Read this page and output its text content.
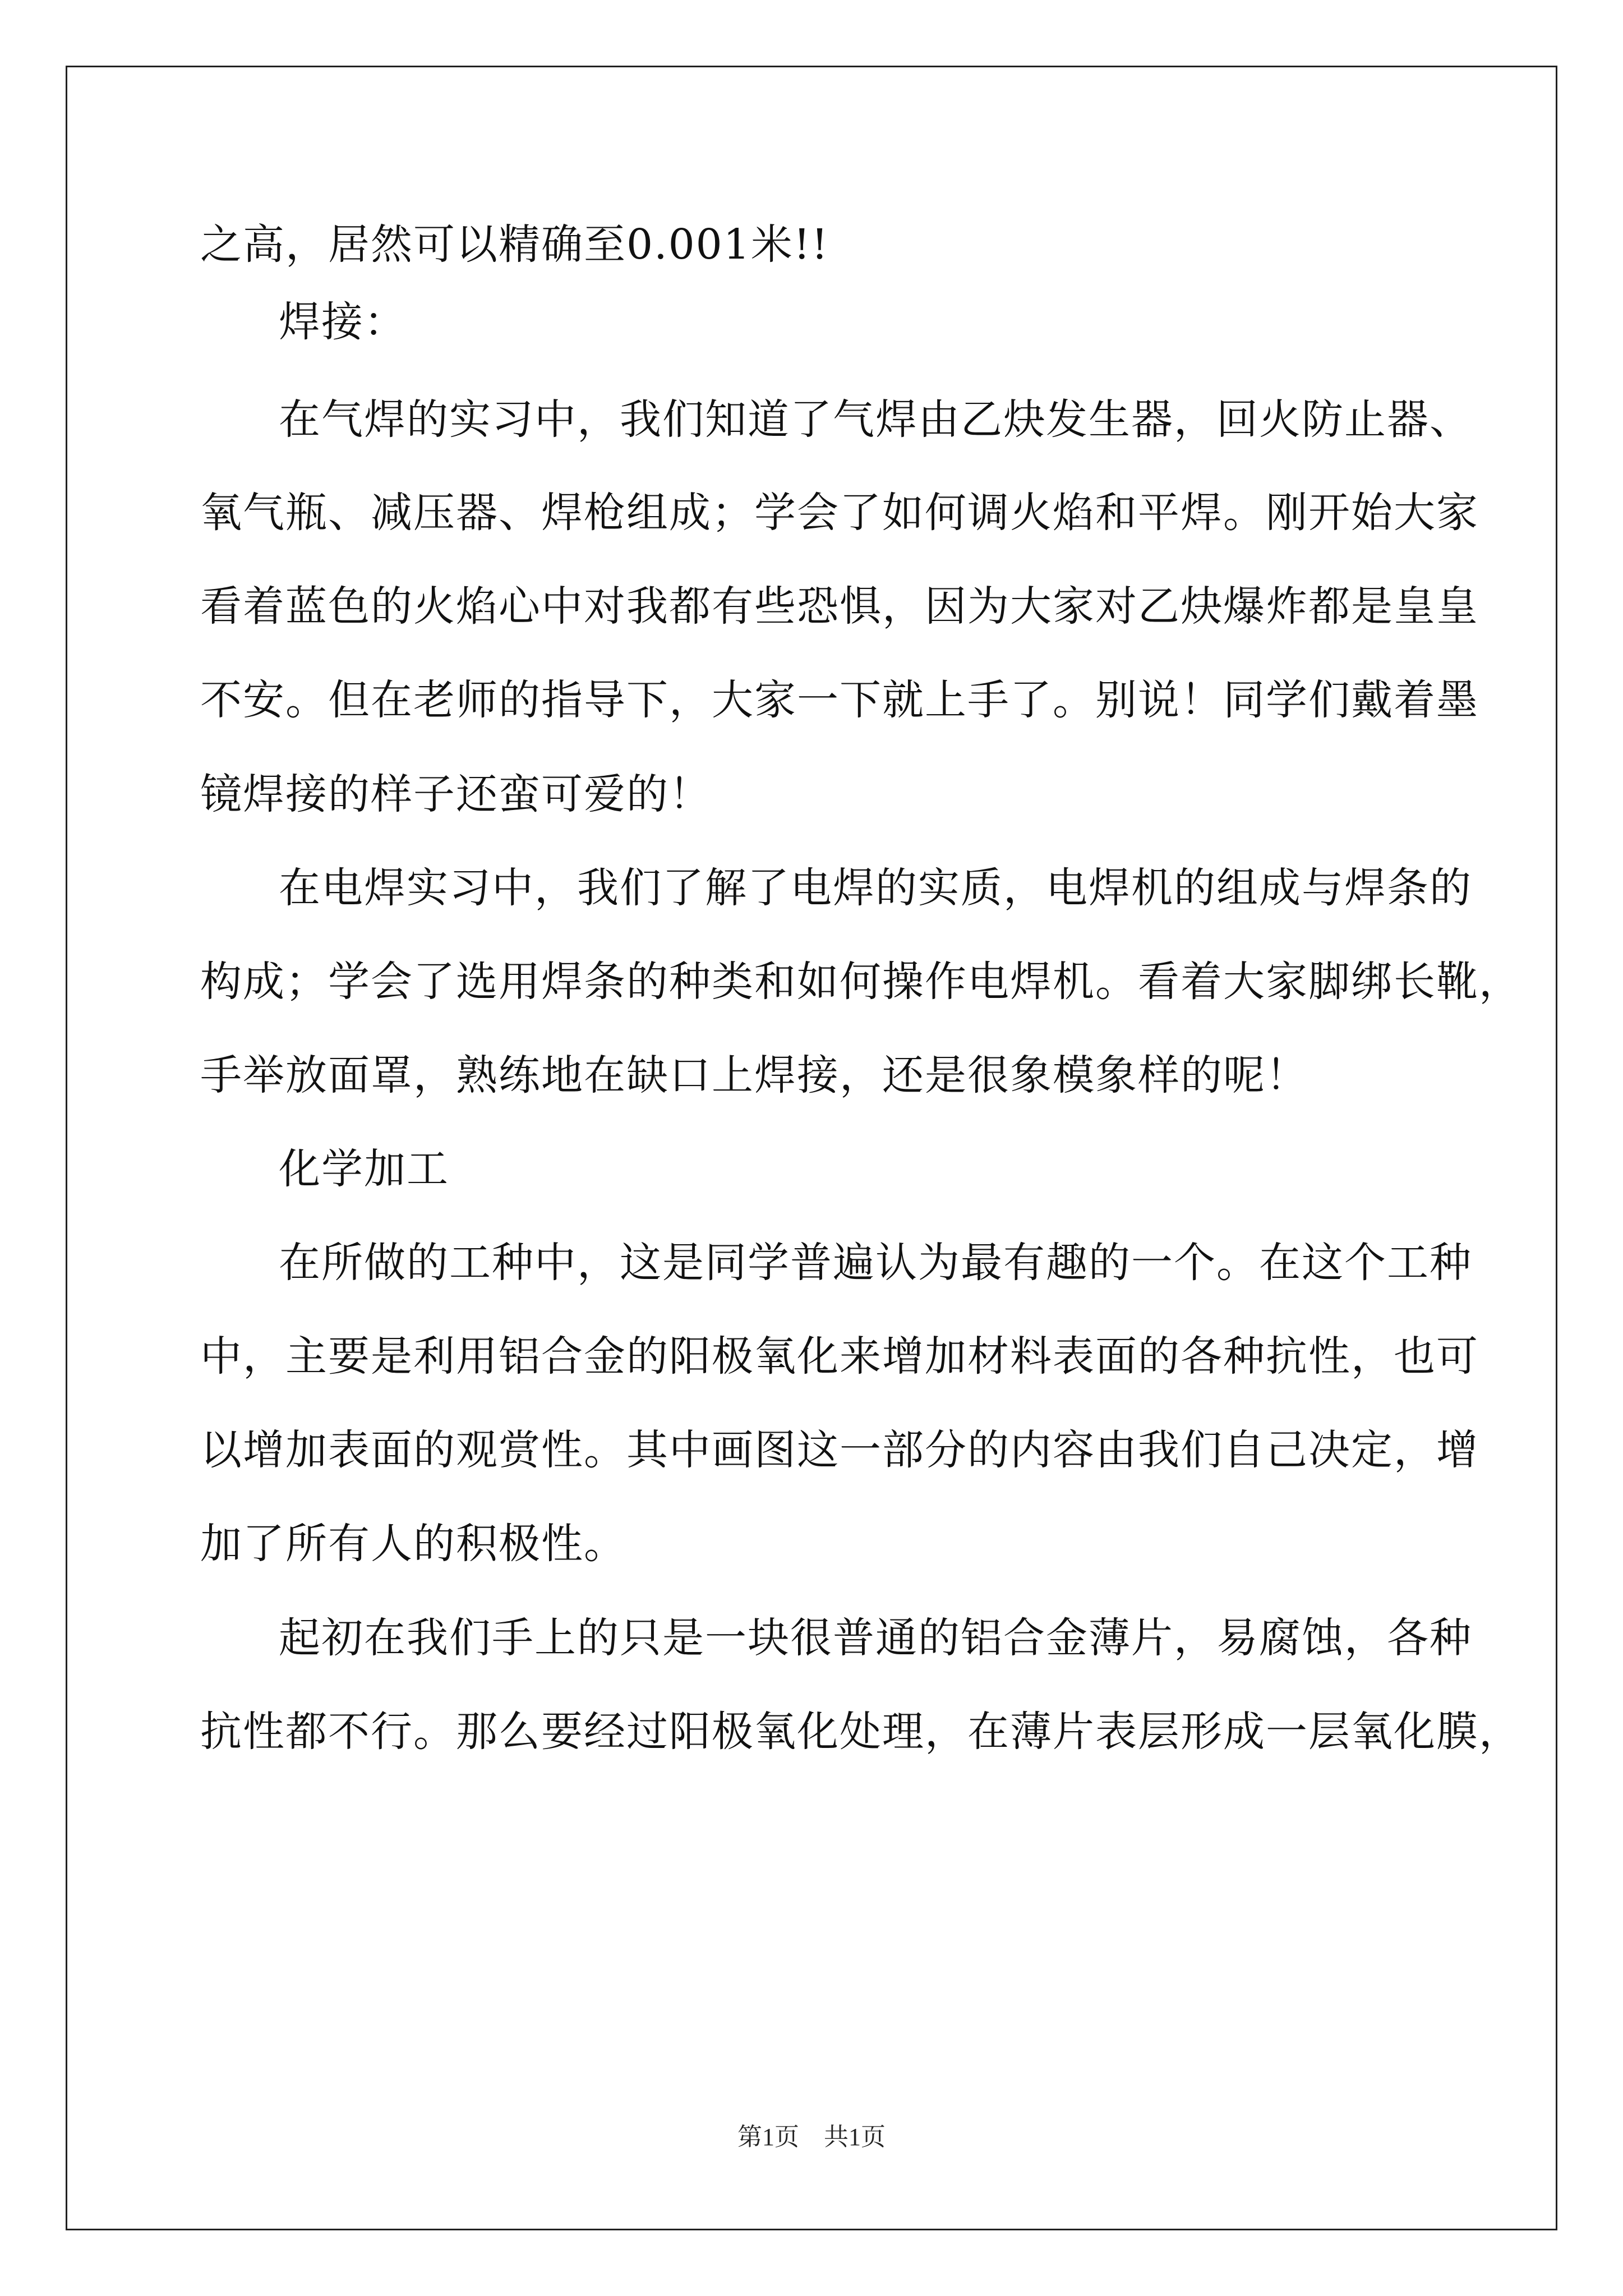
之高，居然可以精确至0.001米!!
焊接：
在气焊的实习中，我们知道了气焊由乙炔发生器，回火防止器、
氧气瓶、减压器、焊枪组成；学会了如何调火焰和平焊。刚开始大家
看着蓝色的火焰心中对我都有些恐惧，因为大家对乙炔爆炸都是皇皇
不安。但在老师的指导下，大家一下就上手了。别说！同学们戴着墨
镜焊接的样子还蛮可爱的！
在电焊实习中，我们了解了电焊的实质，电焊机的组成与焊条的
构成；学会了选用焊条的种类和如何操作电焊机。看着大家脚绑长靴，
手举放面罩，熟练地在缺口上焊接，还是很象模象样的呢！
化学加工
在所做的工种中，这是同学普遍认为最有趣的一个。在这个工种
中，主要是利用铝合金的阳极氧化来增加材料表面的各种抗性，也可
以增加表面的观赏性。其中画图这一部分的内容由我们自己决定，增
加了所有人的积极性。
起初在我们手上的只是一块很普通的铝合金薄片，易腐蚀，各种
抗性都不行。那么要经过阳极氧化处理，在薄片表层形成一层氧化膜，
第1页　共1页
